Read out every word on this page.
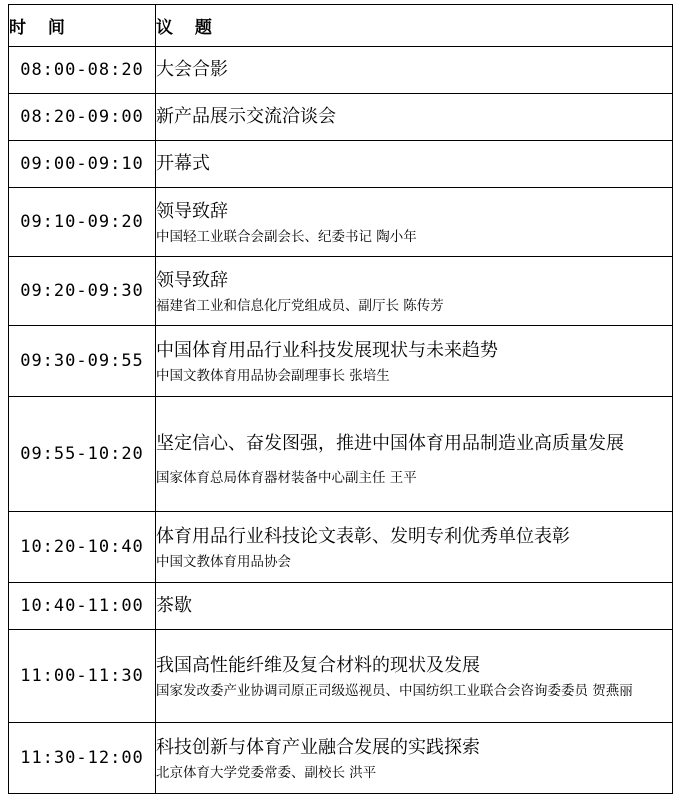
时 间	议 题
08:00-08:20	大会合影

08:20-09:00	新产品展示交流洽谈会

09:00-09:10	开幕式

09:10-09:20	领导致辞
中国轻工业联合会副会长、纪委书记 陶小年

09:20-09:30	领导致辞
福建省工业和信息化厅党组成员、副厅长 陈传芳

09:30-09:55	中国体育用品行业科技发展现状与未来趋势
中国文教体育用品协会副理事长 张培生

09:55-10:20	坚定信心、奋发图强，推进中国体育用品制造业高质量发展
国家体育总局体育器材装备中心副主任 王平

10:20-10:40	体育用品行业科技论文表彰、发明专利优秀单位表彰
中国文教体育用品协会

10:40-11:00	茶歇

11:00-11:30	我国高性能纤维及复合材料的现状及发展
国家发改委产业协调司原正司级巡视员、中国纺织工业联合会咨询委委员 贺燕丽

11:30-12:00	科技创新与体育产业融合发展的实践探索
北京体育大学党委常委、副校长 洪平
